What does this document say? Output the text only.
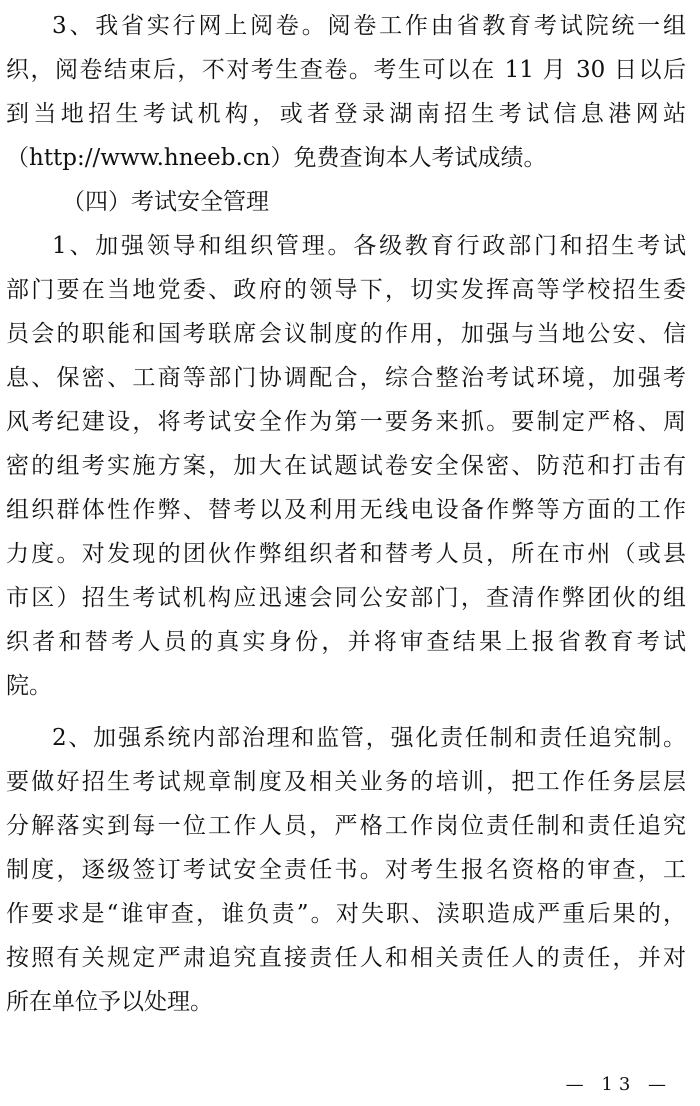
3、我省实行网上阅卷。阅卷工作由省教育考试院统一组
织，阅卷结束后，不对考生查卷。考生可以在 11 月 30 日以后
到当地招生考试机构，或者登录湖南招生考试信息港网站
（http://www.hneeb.cn）免费查询本人考试成绩。
（四）考试安全管理
1、加强领导和组织管理。各级教育行政部门和招生考试
部门要在当地党委、政府的领导下，切实发挥高等学校招生委
员会的职能和国考联席会议制度的作用，加强与当地公安、信
息、保密、工商等部门协调配合，综合整治考试环境，加强考
风考纪建设，将考试安全作为第一要务来抓。要制定严格、周
密的组考实施方案，加大在试题试卷安全保密、防范和打击有
组织群体性作弊、替考以及利用无线电设备作弊等方面的工作
力度。对发现的团伙作弊组织者和替考人员，所在市州（或县
市区）招生考试机构应迅速会同公安部门，查清作弊团伙的组
织者和替考人员的真实身份，并将审查结果上报省教育考试
院。
2、加强系统内部治理和监管，强化责任制和责任追究制。
要做好招生考试规章制度及相关业务的培训，把工作任务层层
分解落实到每一位工作人员，严格工作岗位责任制和责任追究
制度，逐级签订考试安全责任书。对考生报名资格的审查，工
作要求是“谁审查，谁负责”。对失职、渎职造成严重后果的，
按照有关规定严肃追究直接责任人和相关责任人的责任，并对
所在单位予以处理。
— 13 —
